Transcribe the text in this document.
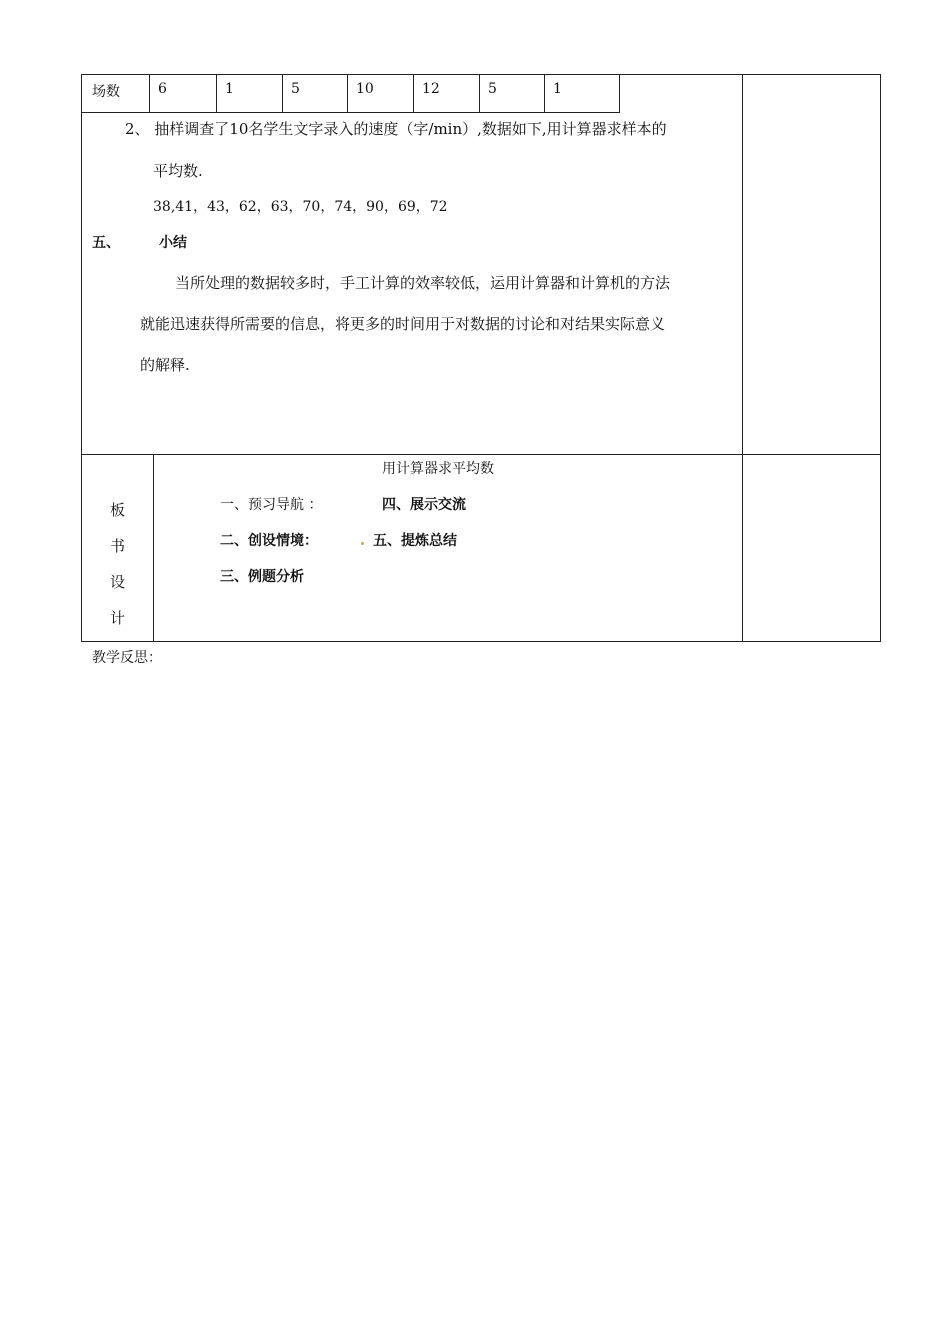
场数	6	1	5	10	12	5	1
2、 抽样调查了10名学生文字录入的速度（字/min）,数据如下,用计算器求样本的
平均数.
38,41，43，62，63，70，74，90，69，72
五、	小结
当所处理的数据较多时，手工计算的效率较低，运用计算器和计算机的方法
就能迅速获得所需要的信息，将更多的时间用于对数据的讨论和对结果实际意义
的解释.
板
书
设
计
用计算器求平均数
一、预习导航 ：	四、展示交流
二、创设情境：	五、提炼总结
三、例题分析
教学反思：
